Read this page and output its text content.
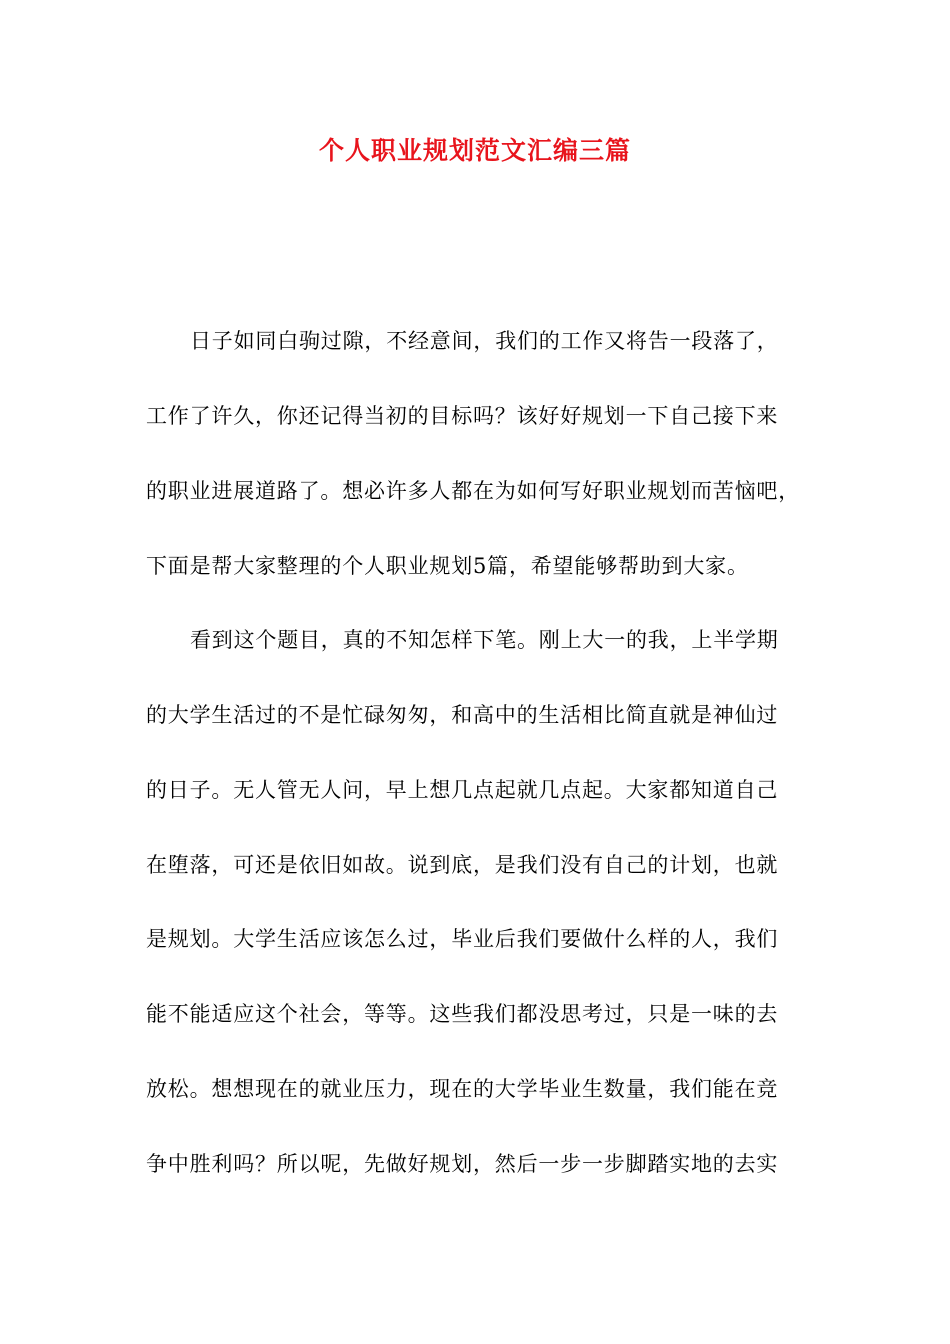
个人职业规划范文汇编三篇
日子如同白驹过隙，不经意间，我们的工作又将告一段落了，
工作了许久，你还记得当初的目标吗？该好好规划一下自己接下来
的职业进展道路了。想必许多人都在为如何写好职业规划而苦恼吧，
下面是帮大家整理的个人职业规划5篇，希望能够帮助到大家。
看到这个题目，真的不知怎样下笔。刚上大一的我，上半学期
的大学生活过的不是忙碌匆匆，和高中的生活相比简直就是神仙过
的日子。无人管无人问，早上想几点起就几点起。大家都知道自己
在堕落，可还是依旧如故。说到底，是我们没有自己的计划，也就
是规划。大学生活应该怎么过，毕业后我们要做什么样的人，我们
能不能适应这个社会，等等。这些我们都没思考过，只是一味的去
放松。想想现在的就业压力，现在的大学毕业生数量，我们能在竞
争中胜利吗？所以呢，先做好规划，然后一步一步脚踏实地的去实
